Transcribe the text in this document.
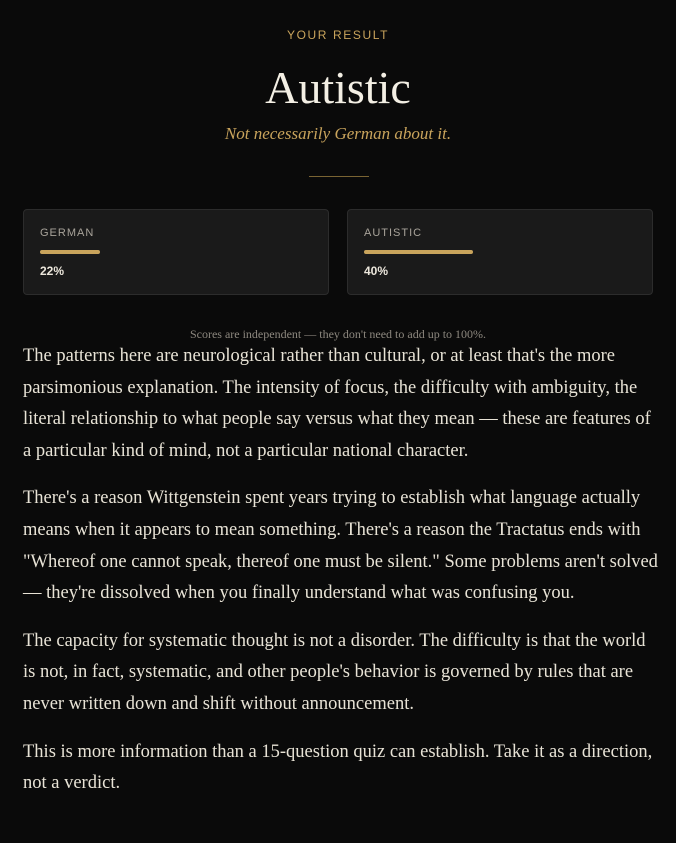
YOUR RESULT
Autistic
Not necessarily German about it.
GERMAN
22%
AUTISTIC
40%
Scores are independent — they don't need to add up to 100%.

The patterns here are neurological rather than cultural, or at least that's the more parsimonious explanation. The intensity of focus, the difficulty with ambiguity, the literal relationship to what people say versus what they mean — these are features of a particular kind of mind, not a particular national character.

There's a reason Wittgenstein spent years trying to establish what language actually means when it appears to mean something. There's a reason the Tractatus ends with "Whereof one cannot speak, thereof one must be silent." Some problems aren't solved — they're dissolved when you finally understand what was confusing you.

The capacity for systematic thought is not a disorder. The difficulty is that the world is not, in fact, systematic, and other people's behavior is governed by rules that are never written down and shift without announcement.

This is more information than a 15-question quiz can establish. Take it as a direction, not a verdict.
